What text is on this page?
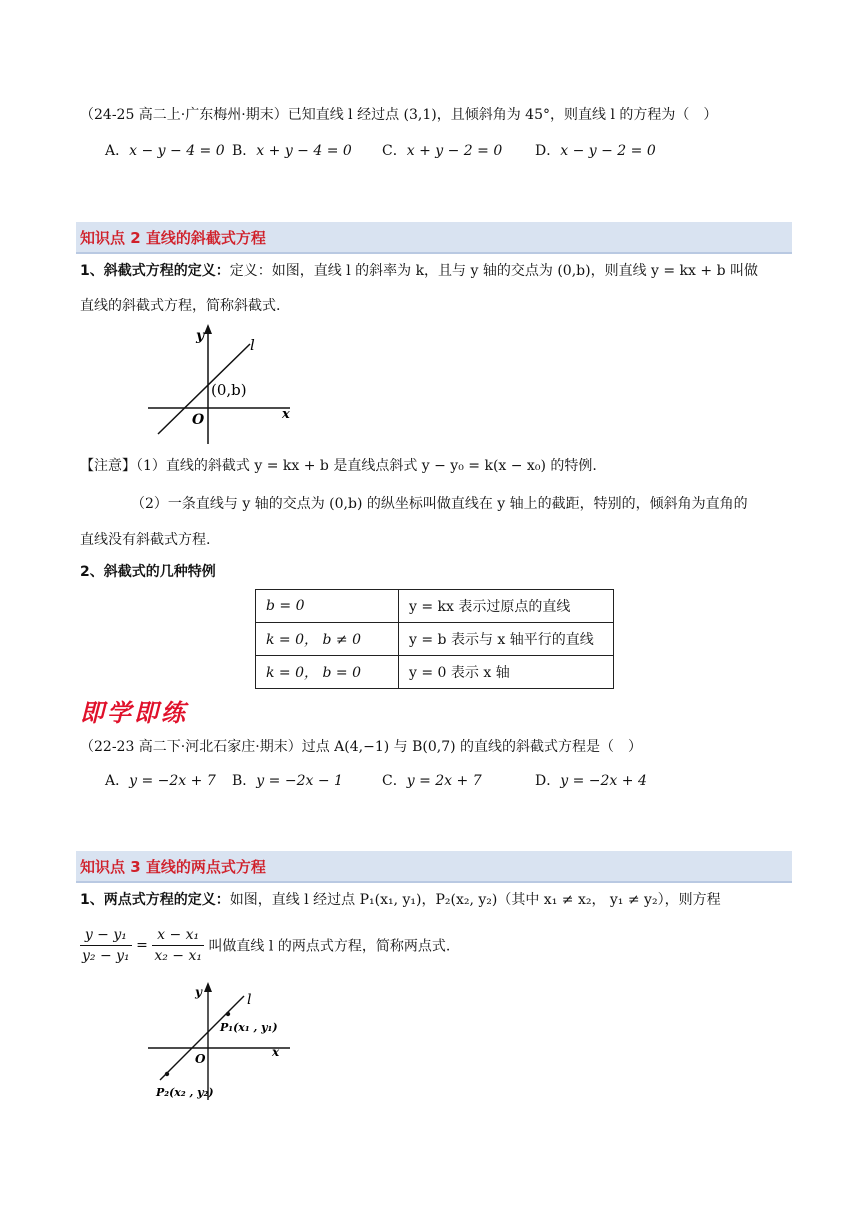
（24-25 高二上·广东梅州·期末）已知直线 l 经过点 (3,1)，且倾斜角为 45°，则直线 l 的方程为（　）
A．x − y − 4 = 0 B．x + y − 4 = 0 C．x + y − 2 = 0 D．x − y − 2 = 0
知识点 2 直线的斜截式方程
1、斜截式方程的定义：定义：如图，直线 l 的斜率为 k，且与 y 轴的交点为 (0,b)，则直线 y = kx + b 叫做
直线的斜截式方程，简称斜截式.
y
x
O
l
(0,b)
【注意】（1）直线的斜截式 y = kx + b 是直线点斜式 y − y₀ = k(x − x₀) 的特例.
（2）一条直线与 y 轴的交点为 (0,b) 的纵坐标叫做直线在 y 轴上的截距，特别的，倾斜角为直角的
直线没有斜截式方程.
2、斜截式的几种特例
b = 0	y = kx 表示过原点的直线
k = 0， b ≠ 0	y = b 表示与 x 轴平行的直线
k = 0， b = 0	y = 0 表示 x 轴
即学即练
（22-23 高二下·河北石家庄·期末）过点 A(4,−1) 与 B(0,7) 的直线的斜截式方程是（　）
A．y = −2x + 7 B．y = −2x − 1	C．y = 2x + 7	D．y = −2x + 4
知识点 3 直线的两点式方程
1、两点式方程的定义：如图，直线 l 经过点 P₁(x₁, y₁)，P₂(x₂, y₂)（其中 x₁ ≠ x₂， y₁ ≠ y₂），则方程
$\frac{\text{y − y₁}}{\text{y₂ − y₁}} = \frac{\text{x − x₁}}{\text{x₂ − x₁}}$ 叫做直线 l 的两点式方程，简称两点式.
y
x
O
l
P₁(x₁ , y₁)
P₂(x₂ , y₂)
